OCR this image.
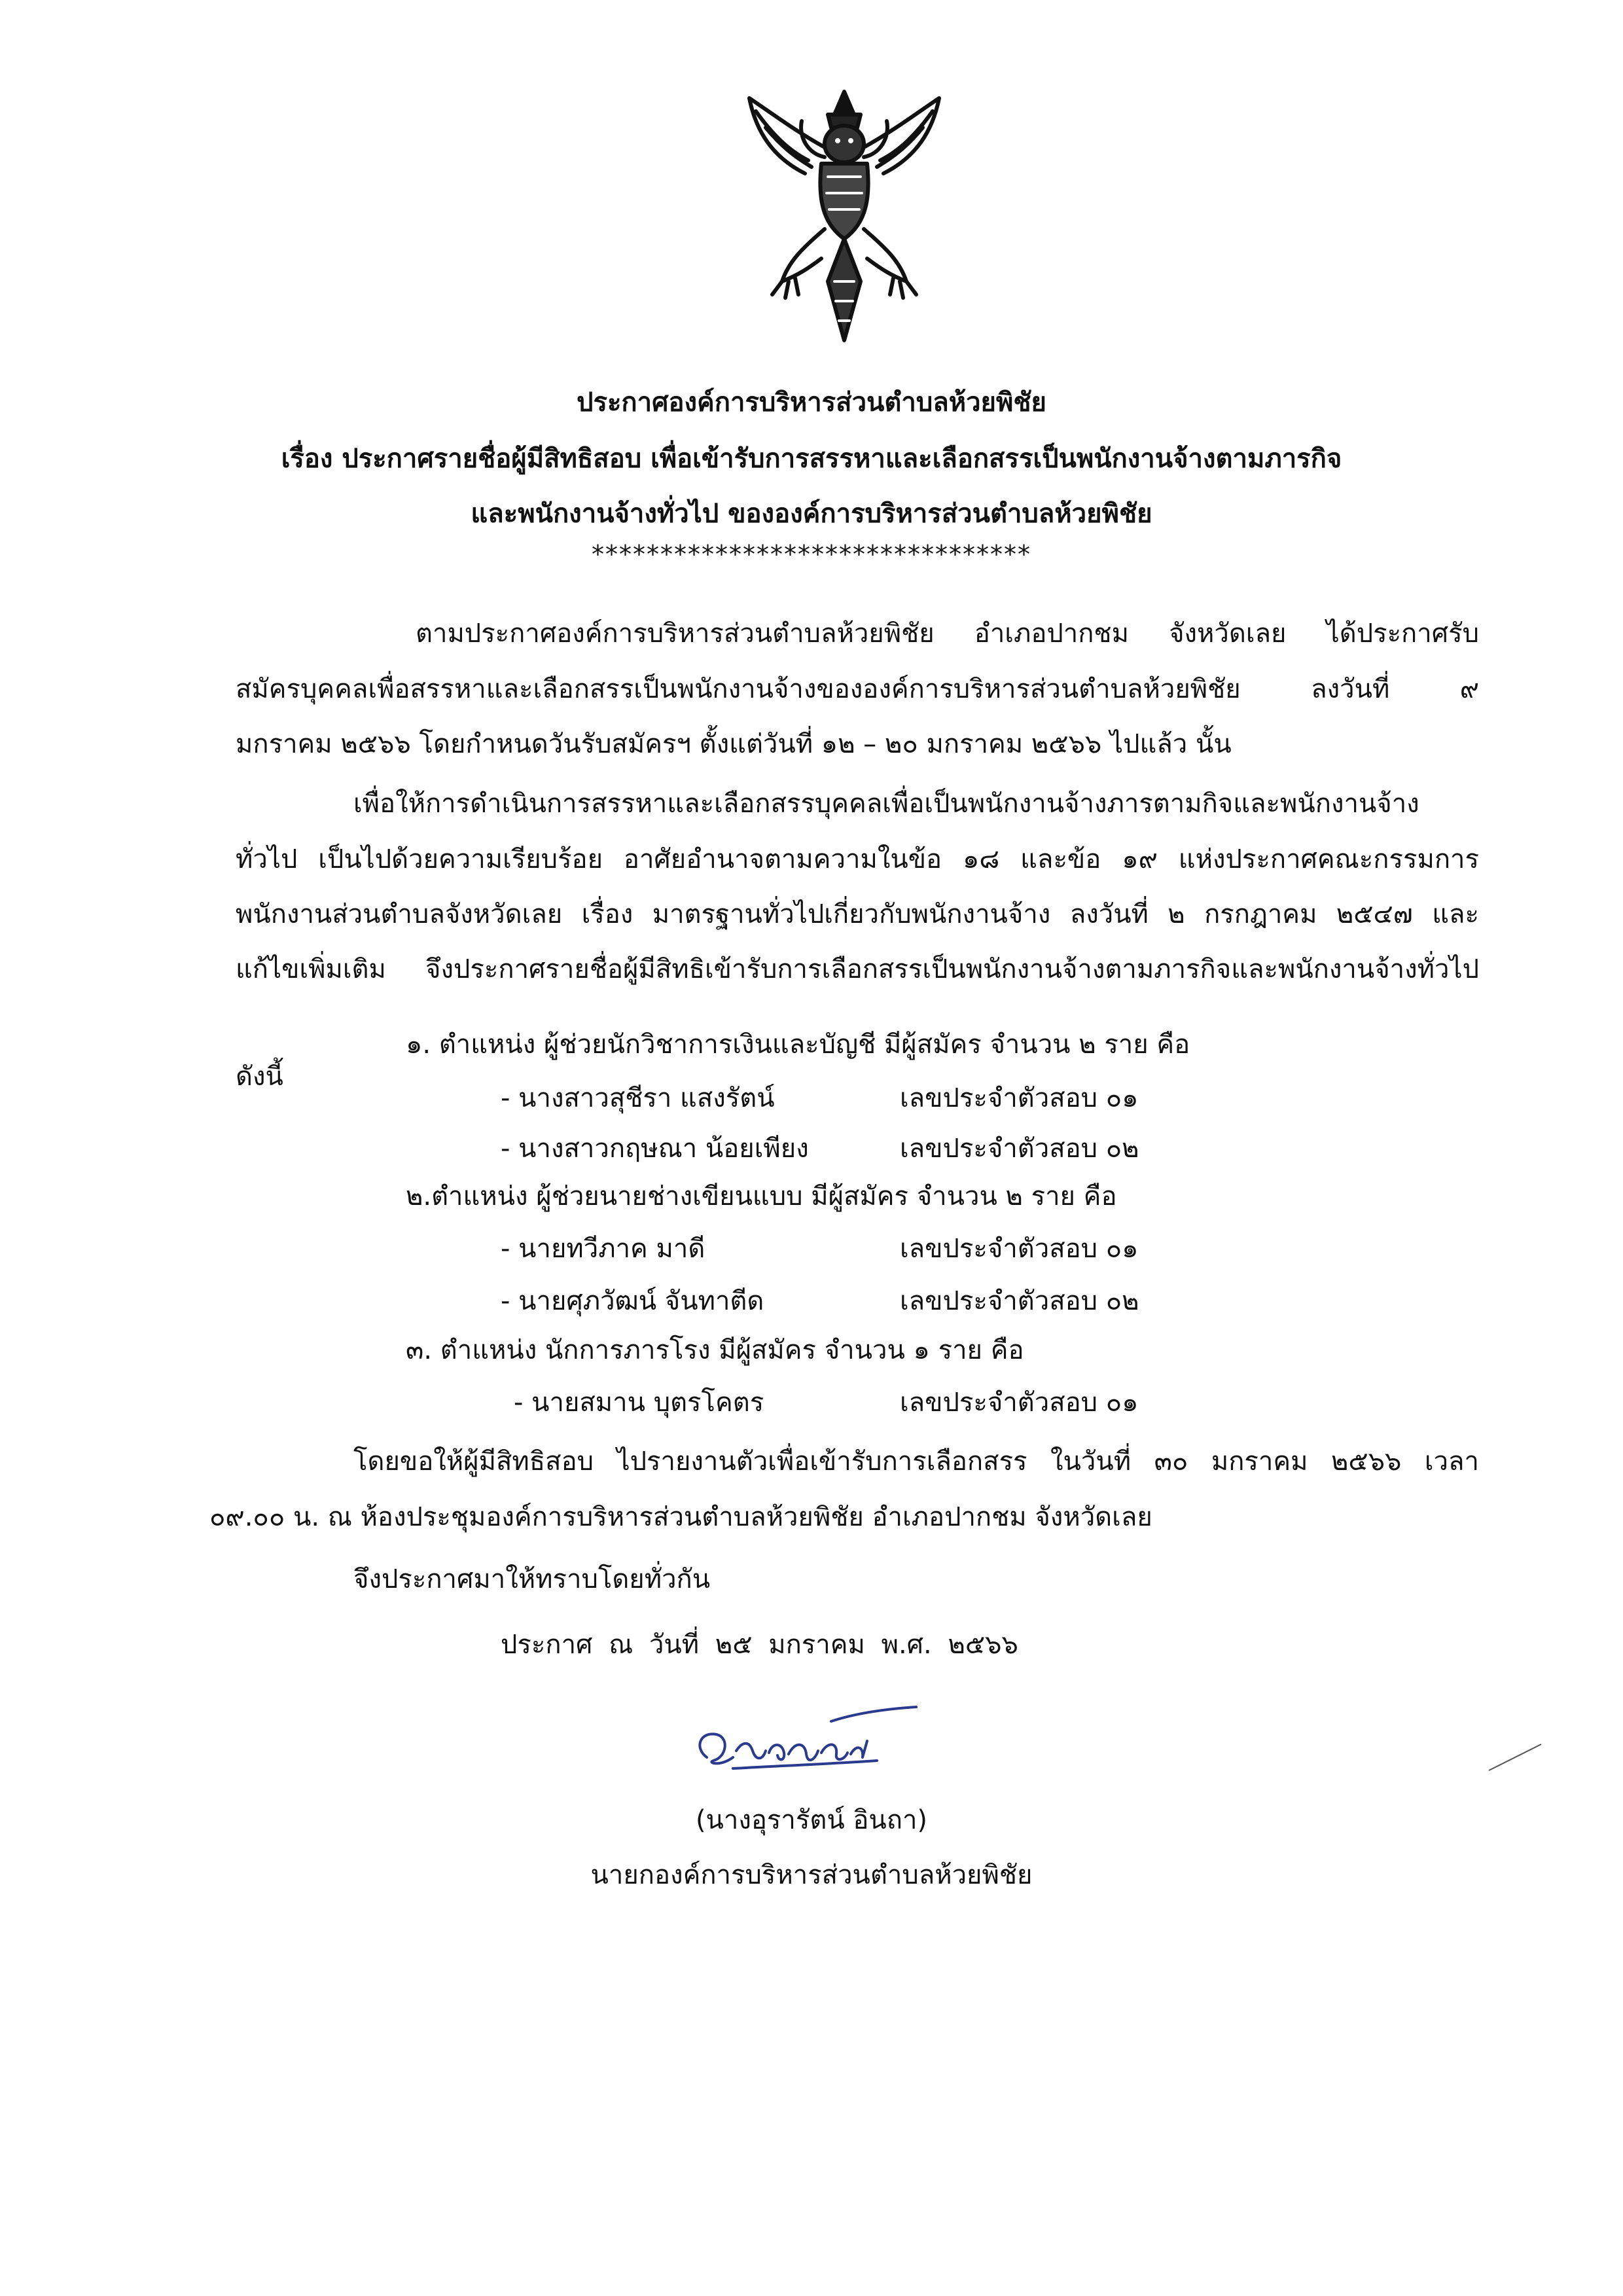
ประกาศองค์การบริหารส่วนตำบลห้วยพิชัย
เรื่อง ประกาศรายชื่อผู้มีสิทธิสอบ เพื่อเข้ารับการสรรหาและเลือกสรรเป็นพนักงานจ้างตามภารกิจ
และพนักงานจ้างทั่วไป ขององค์การบริหารส่วนตำบลห้วยพิชัย
********************************
ตามประกาศองค์การบริหารส่วนตำบลห้วยพิชัย อำเภอปากชม จังหวัดเลย ได้ประกาศรับ
สมัครบุคคลเพื่อสรรหาและเลือกสรรเป็นพนักงานจ้างขององค์การบริหารส่วนตำบลห้วยพิชัย ลงวันที่ ๙
มกราคม ๒๕๖๖ โดยกำหนดวันรับสมัครฯ ตั้งแต่วันที่ ๑๒ – ๒๐ มกราคม ๒๕๖๖ ไปแล้ว นั้น
เพื่อให้การดำเนินการสรรหาและเลือกสรรบุคคลเพื่อเป็นพนักงานจ้างภารตามกิจและพนักงานจ้าง
ทั่วไป เป็นไปด้วยความเรียบร้อย อาศัยอำนาจตามความในข้อ ๑๘ และข้อ ๑๙ แห่งประกาศคณะกรรมการ
พนักงานส่วนตำบลจังหวัดเลย เรื่อง มาตรฐานทั่วไปเกี่ยวกับพนักงานจ้าง ลงวันที่ ๒ กรกฎาคม ๒๕๔๗ และ
แก้ไขเพิ่มเติม จึงประกาศรายชื่อผู้มีสิทธิเข้ารับการเลือกสรรเป็นพนักงานจ้างตามภารกิจและพนักงานจ้างทั่วไป
ดังนี้
๑. ตำแหน่ง ผู้ช่วยนักวิชาการเงินและบัญชี มีผู้สมัคร จำนวน ๒ ราย คือ
- นางสาวสุชีรา แสงรัตน์	เลขประจำตัวสอบ ๐๑
- นางสาวกฤษณา น้อยเพียง	เลขประจำตัวสอบ ๐๒
๒.ตำแหน่ง ผู้ช่วยนายช่างเขียนแบบ มีผู้สมัคร จำนวน ๒ ราย คือ
- นายทวีภาค มาดี	เลขประจำตัวสอบ ๐๑
- นายศุภวัฒน์ จันทาตีด	เลขประจำตัวสอบ ๐๒
๓. ตำแหน่ง นักการภารโรง มีผู้สมัคร จำนวน ๑ ราย คือ
- นายสมาน บุตรโคตร	เลขประจำตัวสอบ ๐๑
โดยขอให้ผู้มีสิทธิสอบ ไปรายงานตัวเพื่อเข้ารับการเลือกสรร ในวันที่ ๓๐ มกราคม ๒๕๖๖ เวลา
๐๙.๐๐ น. ณ ห้องประชุมองค์การบริหารส่วนตำบลห้วยพิชัย อำเภอปากชม จังหวัดเลย
จึงประกาศมาให้ทราบโดยทั่วกัน
ประกาศ ณ วันที่ ๒๕ มกราคม พ.ศ. ๒๕๖๖
(นางอุรารัตน์ อินถา)
นายกองค์การบริหารส่วนตำบลห้วยพิชัย
